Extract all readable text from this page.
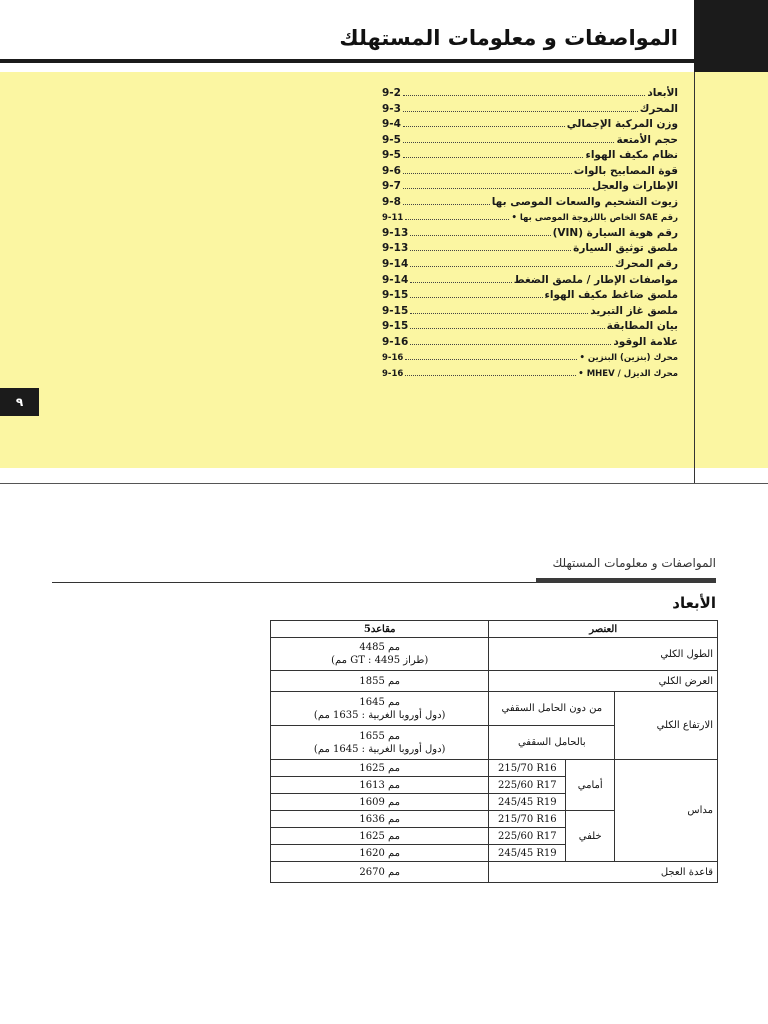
المواصفات و معلومات المستهلك
٩
9-2	الأبعاد
9-3	المحرك
9-4	وزن المركبة الإجمالي
9-5	حجم الأمتعة
9-5	نظام مكيف الهواء
9-6	قوة المصابيح بالوات
9-7	الإطارات والعجل
9-8	زيوت التشحيم والسعات الموصى بها
9-11	رقم SAE الخاص باللزوجة الموصى بها •
9-13	رقم هوية السيارة (VIN)
9-13	ملصق توثيق السيارة
9-14	رقم المحرك
9-14	مواصفات الإطار / ملصق الضغط
9-15	ملصق ضاغط مكيف الهواء
9-15	ملصق غاز التبريد
9-15	بيان المطابقة
9-16	علامة الوقود
9-16	محرك (بنزين) البنزين •
9-16	محرك الديزل / MHEV •
المواصفات و معلومات المستهلك
الأبعاد
5مقاعد	العنصر		

4485 مم
(طراز GT : 4495 مم)	الطول الكلي		
1855 مم	العرض الكلي		

1645 مم
(دول أوروبا الغربية : 1635 مم)	من دون الحامل السقفي		الارتفاع الكلي

1655 مم
(دول أوروبا الغربية : 1645 مم)	بالحامل السقفي		
1625 مم	215/70 R16	أمامي	مداس
1613 مم	225/60 R17		
1609 مم	245/45 R19		
1636 مم	215/70 R16	خلفي	
1625 مم	225/60 R17		
1620 مم	245/45 R19		
2670 مم	قاعدة العجل		
